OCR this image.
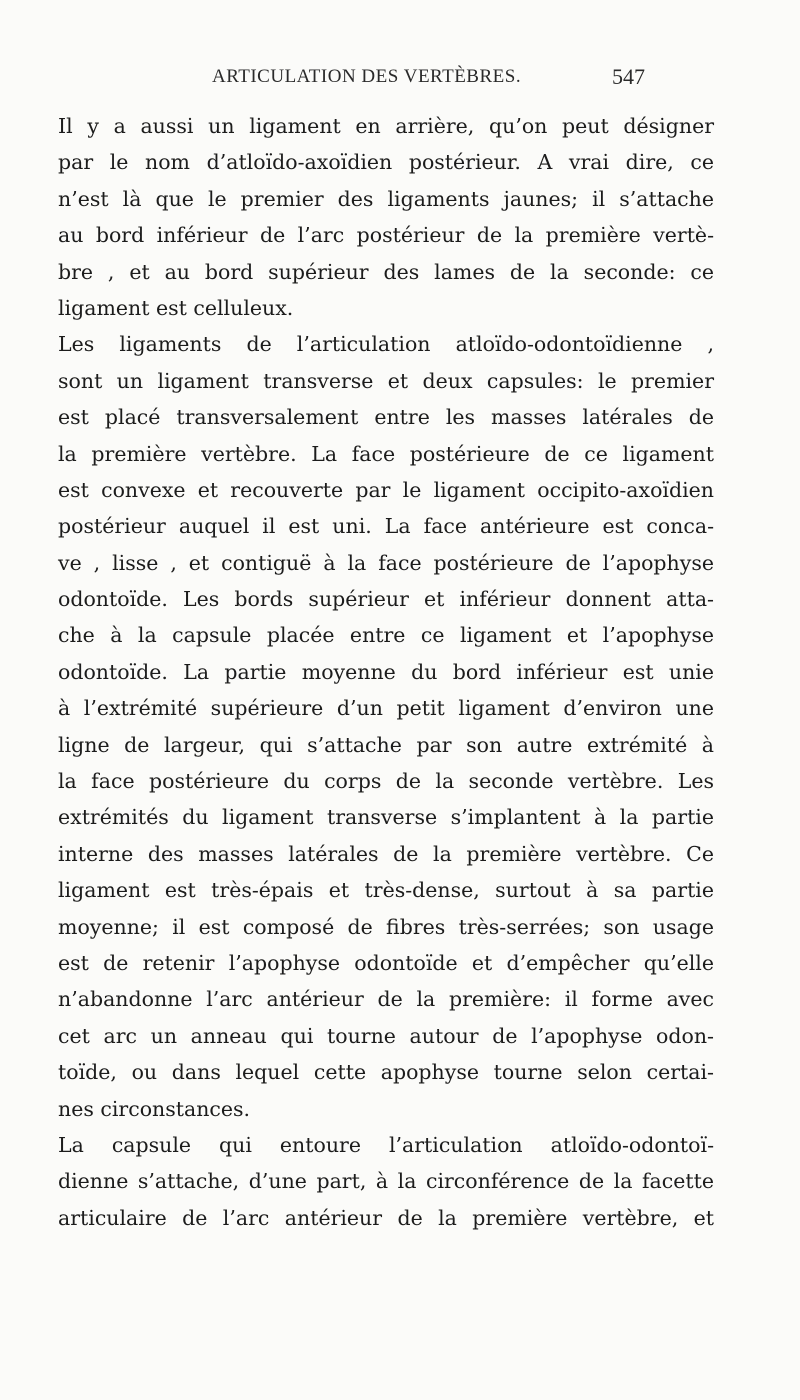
ARTICULATION DES VERTÈBRES.	547
Il y a aussi un ligament en arrière, qu’on peut désigner
par le nom d’atloïdo-axoïdien postérieur. A vrai dire, ce
n’est là que le premier des ligaments jaunes; il s’attache
au bord inférieur de l’arc postérieur de la première vertè-
bre , et au bord supérieur des lames de la seconde: ce
ligament est celluleux.
Les ligaments de l’articulation atloïdo-odontoïdienne ,
sont un ligament transverse et deux capsules: le premier
est placé transversalement entre les masses latérales de
la première vertèbre. La face postérieure de ce ligament
est convexe et recouverte par le ligament occipito-axoïdien
postérieur auquel il est uni. La face antérieure est conca-
ve , lisse , et contiguë à la face postérieure de l’apophyse
odontoïde. Les bords supérieur et inférieur donnent atta-
che à la capsule placée entre ce ligament et l’apophyse
odontoïde. La partie moyenne du bord inférieur est unie
à l’extrémité supérieure d’un petit ligament d’environ une
ligne de largeur, qui s’attache par son autre extrémité à
la face postérieure du corps de la seconde vertèbre. Les
extrémités du ligament transverse s’implantent à la partie
interne des masses latérales de la première vertèbre. Ce
ligament est très-épais et très-dense, surtout à sa partie
moyenne; il est composé de fibres très-serrées; son usage
est de retenir l’apophyse odontoïde et d’empêcher qu’elle
n’abandonne l’arc antérieur de la première: il forme avec
cet arc un anneau qui tourne autour de l’apophyse odon-
toïde, ou dans lequel cette apophyse tourne selon certai-
nes circonstances.
La capsule qui entoure l’articulation atloïdo-odontoï-
dienne s’attache, d’une part, à la circonférence de la facette
articulaire de l’arc antérieur de la première vertèbre, et
